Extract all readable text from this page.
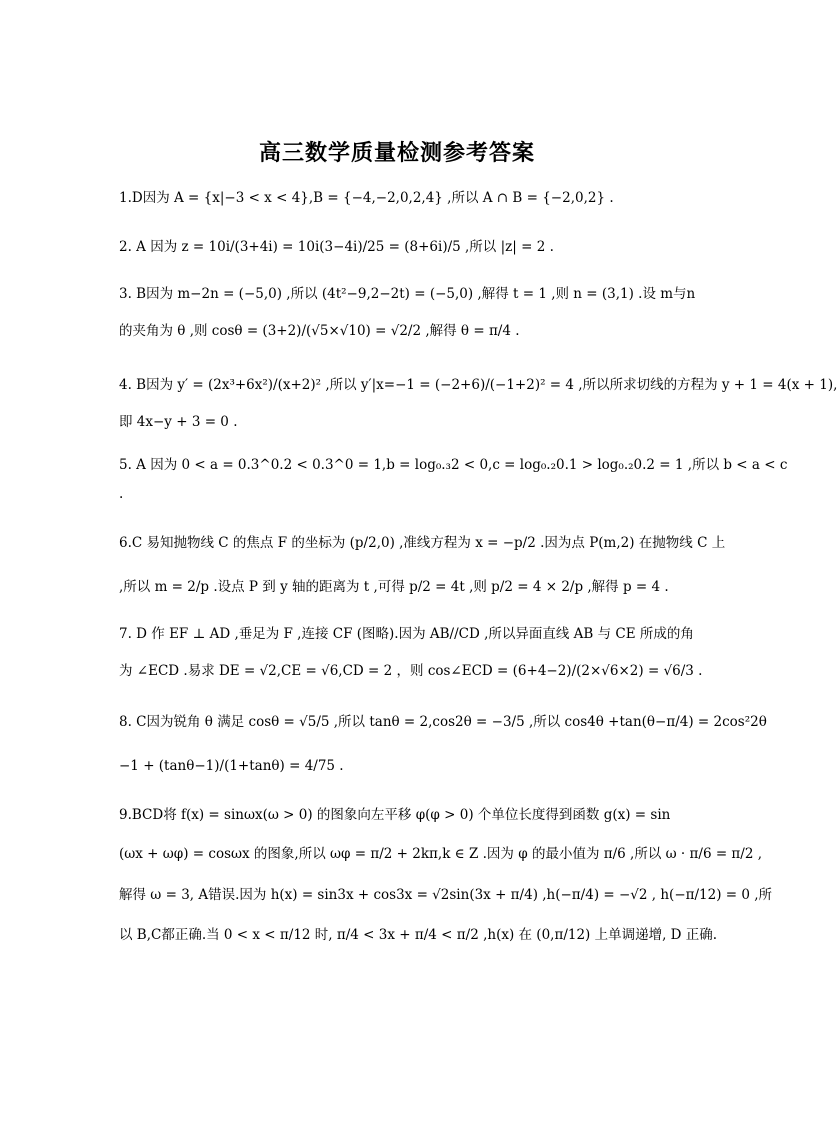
高三数学质量检测参考答案
1.D因为 A = {x|−3 < x < 4},B = {−4,−2,0,2,4} ,所以 A ∩ B = {−2,0,2} .
2. A 因为 z = 10i/(3+4i) = 10i(3−4i)/25 = (8+6i)/5 ,所以 |z| = 2 .
3. B因为 m−2n = (−5,0) ,所以 (4t²−9,2−2t) = (−5,0) ,解得 t = 1 ,则 n = (3,1) .设 m与n
的夹角为 θ ,则 cosθ = (3+2)/(√5×√10) = √2/2 ,解得 θ = π/4 .
4. B因为 y′ = (2x³+6x²)/(x+2)² ,所以 y′|x=−1 = (−2+6)/(−1+2)² = 4 ,所以所求切线的方程为 y + 1 = 4(x + 1),
即 4x−y + 3 = 0 .
5. A 因为 0 < a = 0.3^0.2 < 0.3^0 = 1,b = log₀.₃2 < 0,c = log₀.₂0.1 > log₀.₂0.2 = 1 ,所以 b < a < c
.
6.C 易知抛物线 C 的焦点 F 的坐标为 (p/2,0) ,准线方程为 x = −p/2 .因为点 P(m,2) 在抛物线 C 上
,所以 m = 2/p .设点 P 到 y 轴的距离为 t ,可得 p/2 = 4t ,则 p/2 = 4 × 2/p ,解得 p = 4 .
7. D 作 EF ⊥ AD ,垂足为 F ,连接 CF (图略).因为 AB//CD ,所以异面直线 AB 与 CE 所成的角
为 ∠ECD .易求 DE = √2,CE = √6,CD = 2 ，则 cos∠ECD = (6+4−2)/(2×√6×2) = √6/3 .
8. C因为锐角 θ 满足 cosθ = √5/5 ,所以 tanθ = 2,cos2θ = −3/5 ,所以 cos4θ +tan(θ−π/4) = 2cos²2θ
−1 + (tanθ−1)/(1+tanθ) = 4/75 .
9.BCD将 f(x) = sinωx(ω > 0) 的图象向左平移 φ(φ > 0) 个单位长度得到函数 g(x) = sin
(ωx + ωφ) = cosωx 的图象,所以 ωφ = π/2 + 2kπ,k ∈ Z .因为 φ 的最小值为 π/6 ,所以 ω · π/6 = π/2 ,
解得 ω = 3, A错误.因为 h(x) = sin3x + cos3x = √2sin(3x + π/4) ,h(−π/4) = −√2 , h(−π/12) = 0 ,所
以 B,C都正确.当 0 < x < π/12 时, π/4 < 3x + π/4 < π/2 ,h(x) 在 (0,π/12) 上单调递增, D 正确.
